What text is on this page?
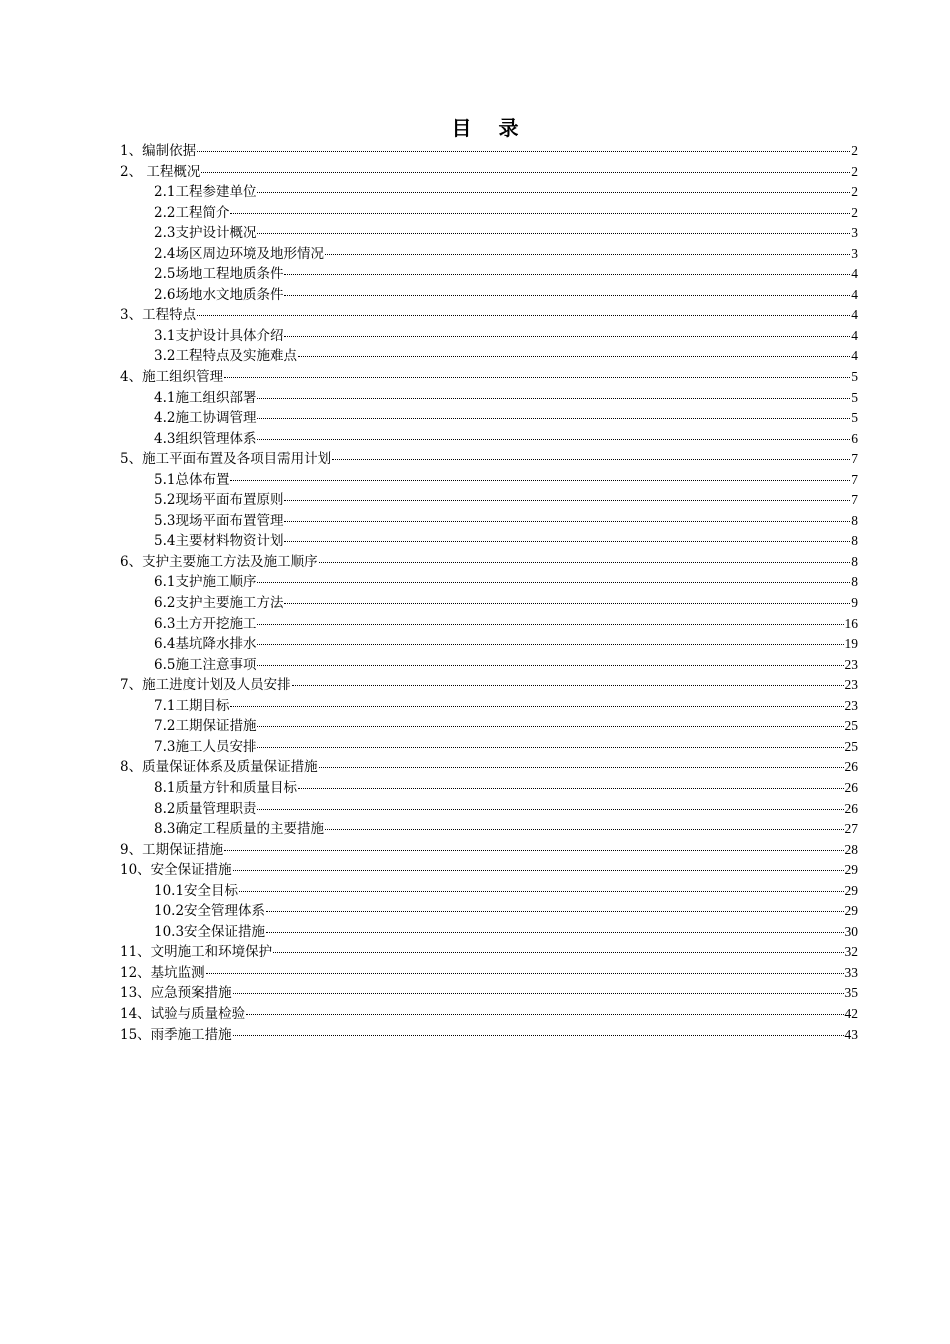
目 录
1、编制依据	2
2、 工程概况	2
2.1工程参建单位	2
2.2工程简介	2
2.3支护设计概况	3
2.4场区周边环境及地形情况	3
2.5场地工程地质条件	4
2.6场地水文地质条件	4
3、工程特点	4
3.1支护设计具体介绍	4
3.2工程特点及实施难点	4
4、施工组织管理	5
4.1施工组织部署	5
4.2施工协调管理	5
4.3组织管理体系	6
5、施工平面布置及各项目需用计划	7
5.1总体布置	7
5.2现场平面布置原则	7
5.3现场平面布置管理	8
5.4主要材料物资计划	8
6、支护主要施工方法及施工顺序	8
6.1支护施工顺序	8
6.2支护主要施工方法	9
6.3土方开挖施工	16
6.4基坑降水排水	19
6.5施工注意事项	23
7、施工进度计划及人员安排	23
7.1工期目标	23
7.2工期保证措施	25
7.3施工人员安排	25
8、质量保证体系及质量保证措施	26
8.1质量方针和质量目标	26
8.2质量管理职责	26
8.3确定工程质量的主要措施	27
9、工期保证措施	28
10、安全保证措施	29
10.1安全目标	29
10.2安全管理体系	29
10.3安全保证措施	30
11、文明施工和环境保护	32
12、基坑监测	33
13、应急预案措施	35
14、试验与质量检验	42
15、雨季施工措施	43
